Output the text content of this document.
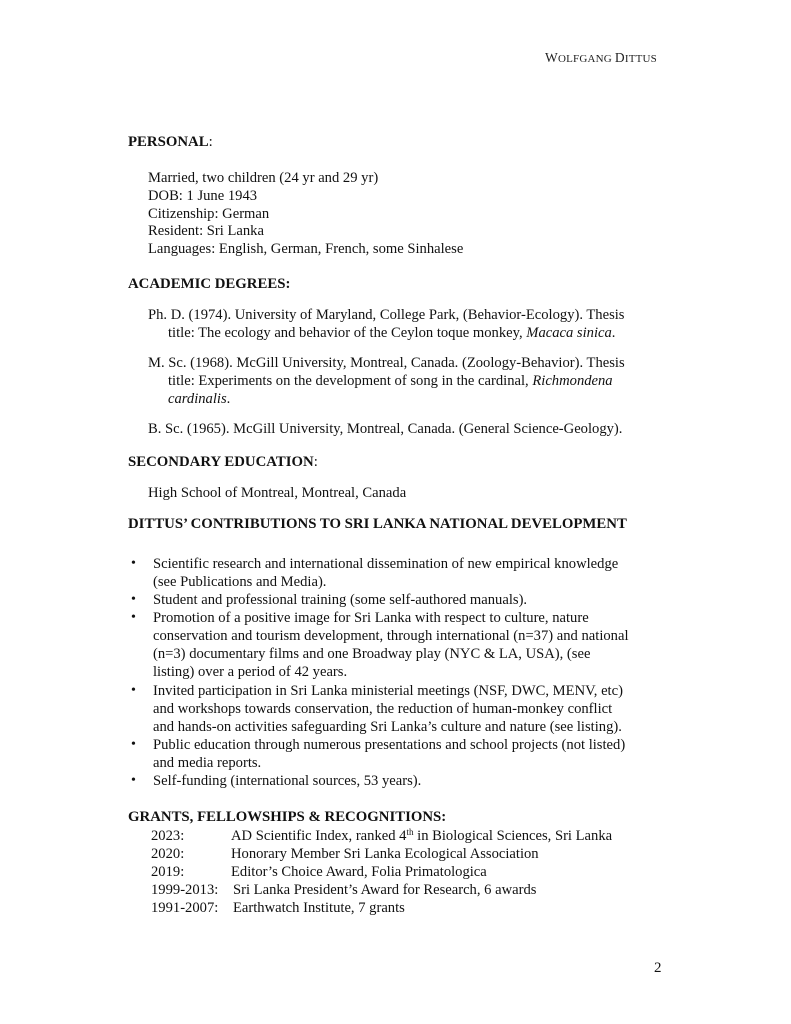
WOLFGANG DITTUS
PERSONAL:
Married, two children (24 yr and 29 yr)
DOB: 1 June 1943
Citizenship: German
Resident: Sri Lanka
Languages: English, German, French, some Sinhalese
ACADEMIC DEGREES:
Ph. D. (1974). University of Maryland, College Park, (Behavior-Ecology). Thesis
title: The ecology and behavior of the Ceylon toque monkey, Macaca sinica.
M. Sc. (1968). McGill University, Montreal, Canada. (Zoology-Behavior). Thesis
title: Experiments on the development of song in the cardinal, Richmondena
cardinalis.
B. Sc. (1965). McGill University, Montreal, Canada. (General Science-Geology).
SECONDARY EDUCATION:
High School of Montreal, Montreal, Canada
DITTUS’ CONTRIBUTIONS TO SRI LANKA NATIONAL DEVELOPMENT
• Scientific research and international dissemination of new empirical knowledge
(see Publications and Media).
• Student and professional training (some self-authored manuals).
• Promotion of a positive image for Sri Lanka with respect to culture, nature
conservation and tourism development, through international (n=37) and national
(n=3) documentary films and one Broadway play (NYC & LA, USA), (see
listing) over a period of 42 years.
• Invited participation in Sri Lanka ministerial meetings (NSF, DWC, MENV, etc)
and workshops towards conservation, the reduction of human-monkey conflict
and hands-on activities safeguarding Sri Lanka’s culture and nature (see listing).
• Public education through numerous presentations and school projects (not listed)
and media reports.
• Self-funding (international sources, 53 years).
GRANTS, FELLOWSHIPS & RECOGNITIONS:
2023:	AD Scientific Index, ranked 4th in Biological Sciences, Sri Lanka
2020:	Honorary Member Sri Lanka Ecological Association
2019:	Editor’s Choice Award, Folia Primatologica
1999-2013: Sri Lanka President’s Award for Research, 6 awards
1991-2007: Earthwatch Institute, 7 grants
2
